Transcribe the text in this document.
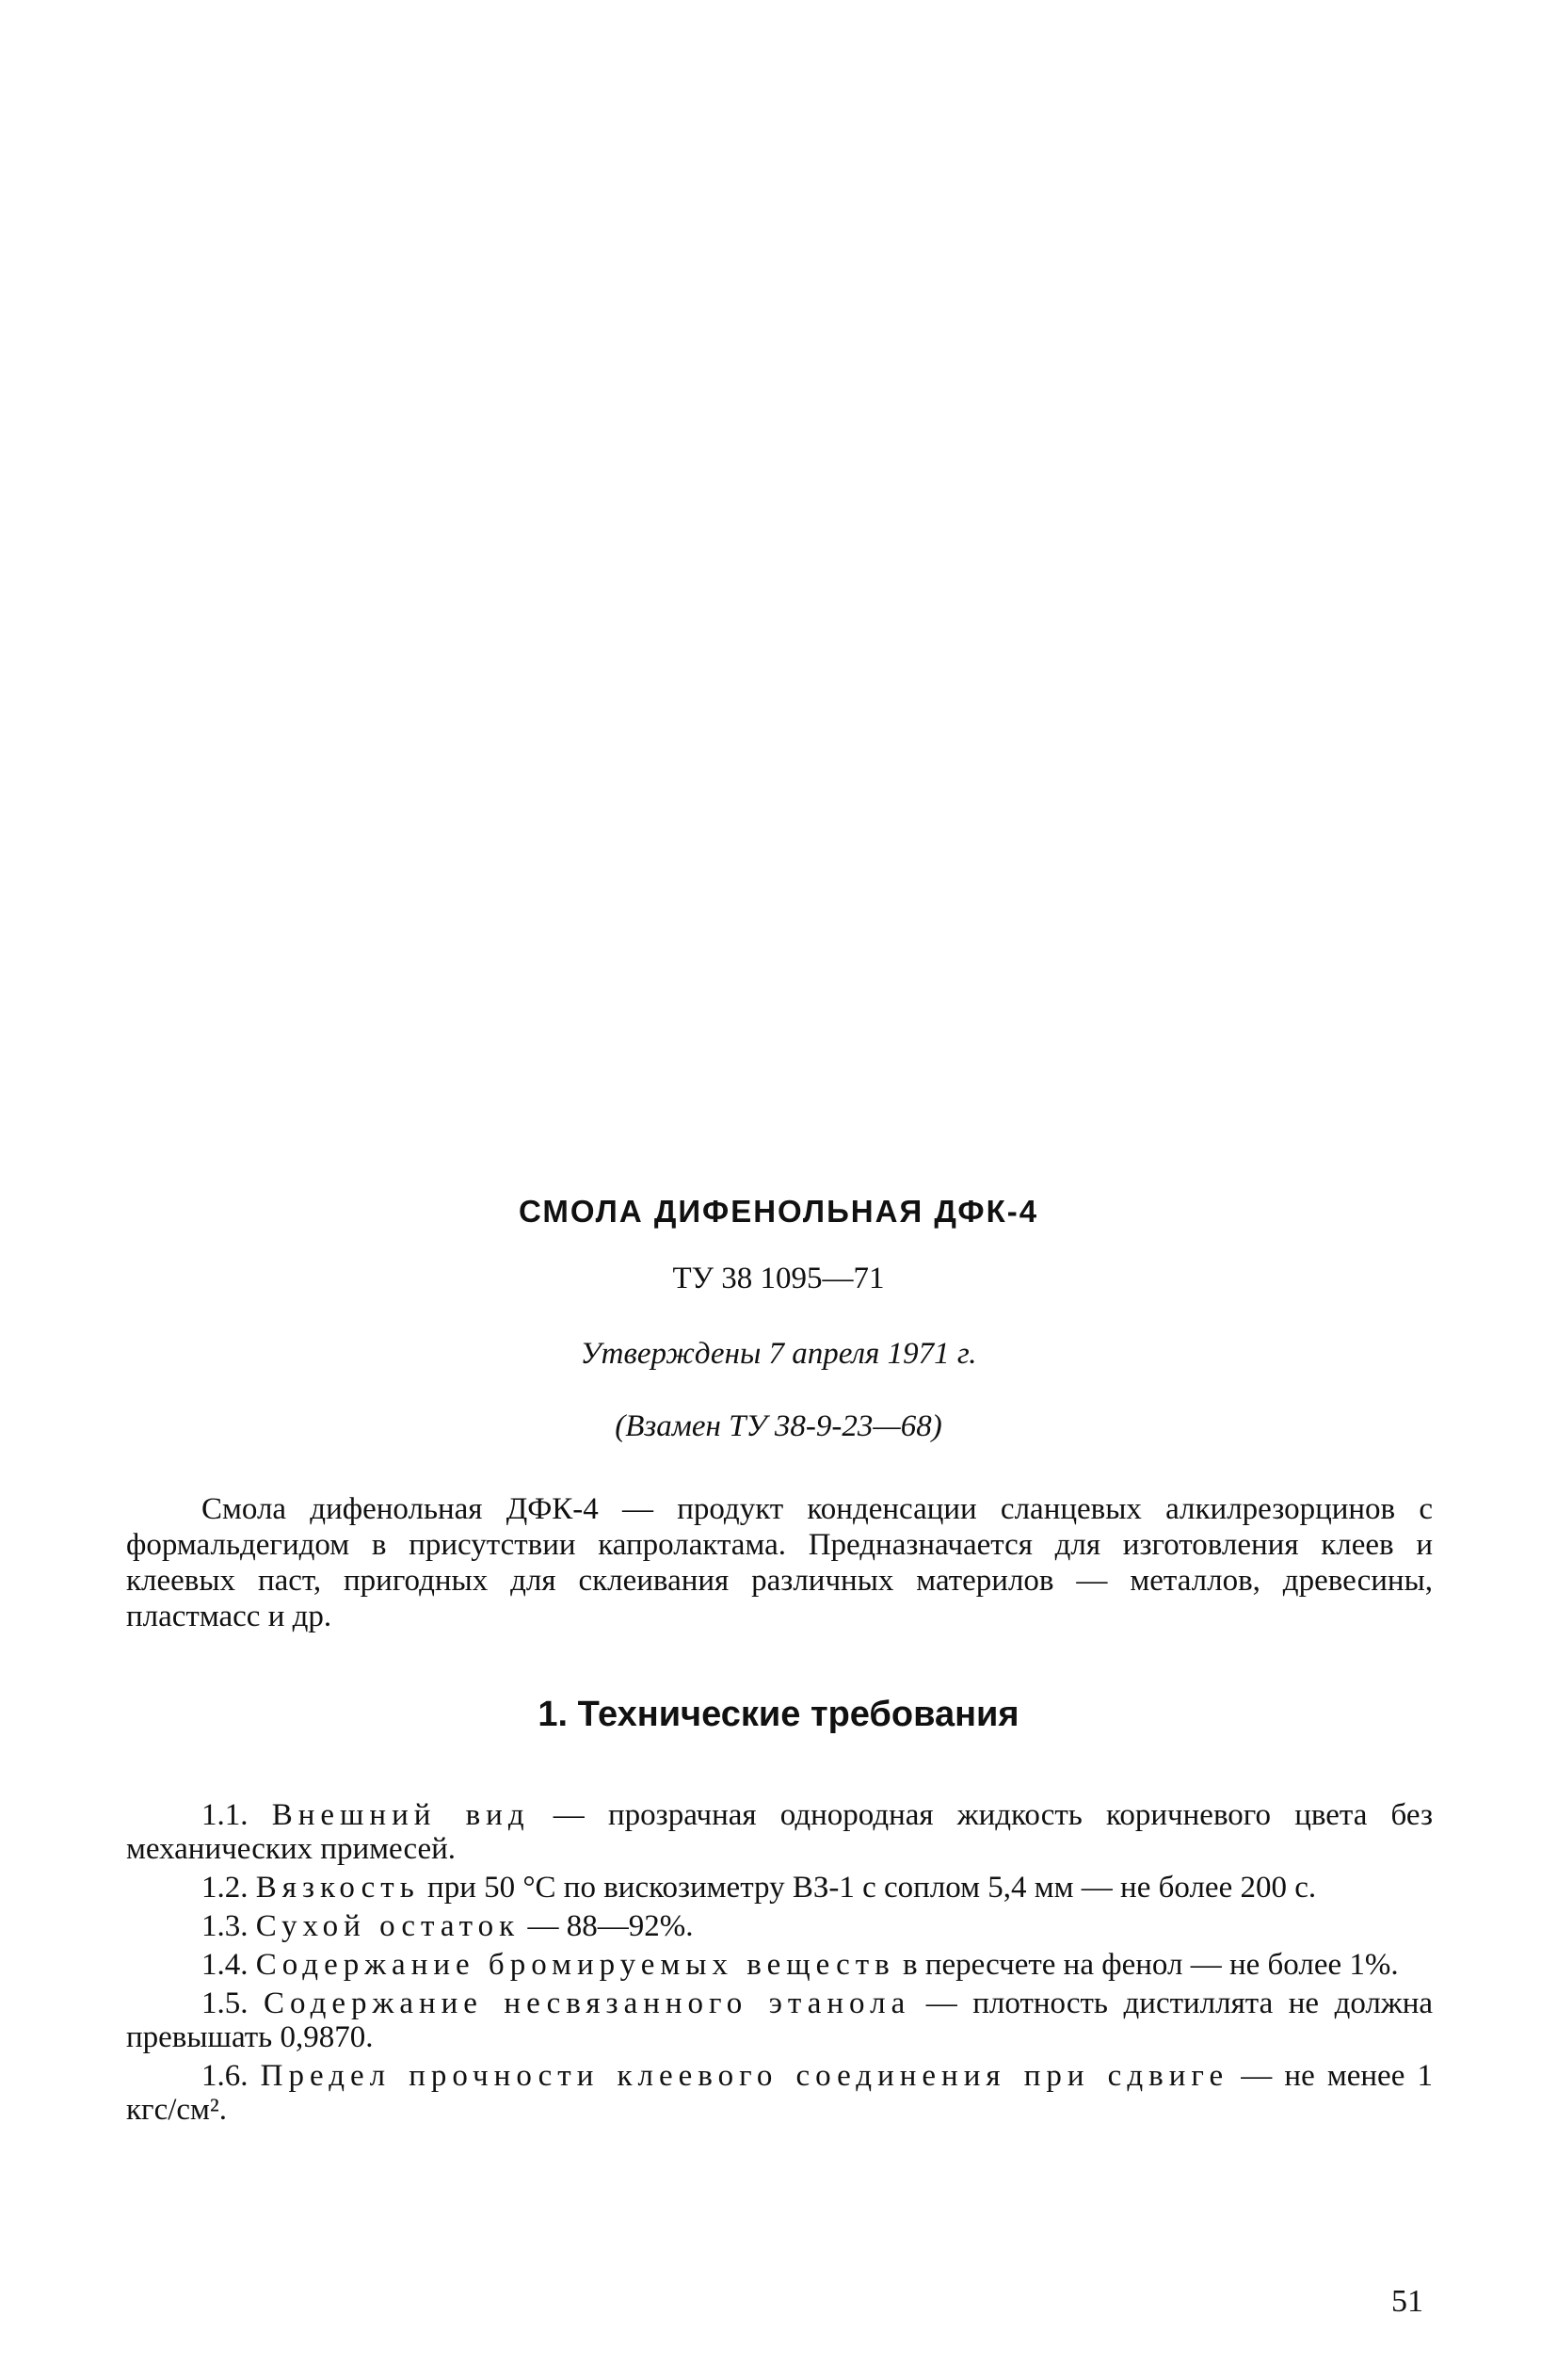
СМОЛА ДИФЕНОЛЬНАЯ ДФК-4

ТУ 38 1095—71

Утверждены 7 апреля 1971 г.

(Взамен ТУ 38-9-23—68)

Смола дифенольная ДФК-4 — продукт конденсации сланцевых алкилрезорцинов с формальдегидом в присутствии капролактама. Предназначается для изготовления клеев и клеевых паст, пригодных для склеивания различных материлов — металлов, древесины, пластмасс и др.

1. Технические требования
1.1. Внешний вид — прозрачная однородная жидкость коричневого цвета без механических примесей.
1.2. Вязкость при 50 °С по вискозиметру ВЗ-1 с соплом 5,4 мм — не более 200 с.
1.3. Сухой остаток — 88—92%.
1.4. Содержание бромируемых веществ в пересчете на фенол — не более 1%.
1.5. Содержание несвязанного этанола — плотность дистиллята не должна превышать 0,9870.
1.6. Предел прочности клеевого соединения при сдвиге — не менее 1 кгс/см².

51
